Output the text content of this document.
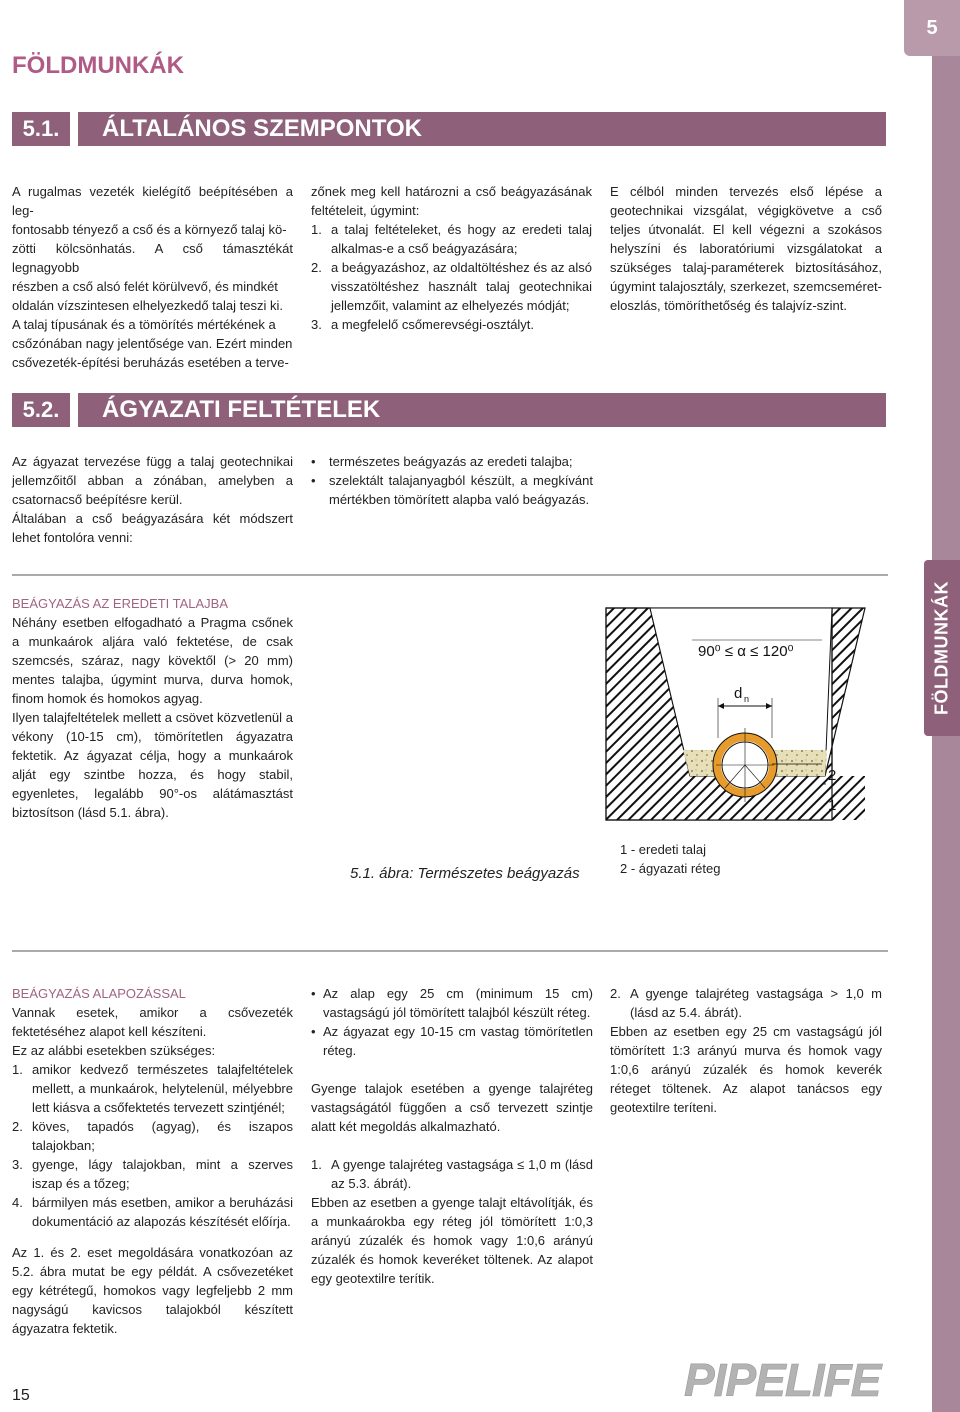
5
FÖLDMUNKÁK
FÖLDMUNKÁK
5.1.	ÁLTALÁNOS SZEMPONTOK
A rugalmas vezeték kielégítő beépítésében a leg-
fontosabb tényező a cső és a környező talaj kö-
zötti kölcsönhatás. A cső támasztékát legnagyobb
részben a cső alsó felét körülvevő, és mindkét
oldalán vízszintesen elhelyezkedő talaj teszi ki.
A talaj típusának és a tömörítés mértékének a
csőzónában nagy jelentősége van. Ezért minden
csővezeték-építési beruházás esetében a terve-

zőnek meg kell határozni a cső beágyazásának feltételeit, úgymint:

1. a talaj feltételeket, és hogy az eredeti talaj alkalmas-e a cső beágyazására;
2. a beágyazáshoz, az oldaltöltéshez és az alsó visszatöltéshez használt talaj geotechnikai jellemzőit, valamint az elhelyezés módját;
3. a megfelelő csőmerevségi-osztályt.

E célból minden tervezés első lépése a geotechnikai vizsgálat, végigkövetve a cső teljes útvonalát. El kell végezni a szokásos helyszíni és laboratóriumi vizsgálatokat a szükséges talaj-paraméterek biztosításához, úgymint talajosztály, szerkezet, szemcseméret-eloszlás, tömöríthetőség és talajvíz-szint.

5.2.	ÁGYAZATI FELTÉTELEK

Az ágyazat tervezése függ a talaj geotechnikai jellemzőitől abban a zónában, amelyben a csatornacső beépítésre kerül.

Általában a cső beágyazására két módszert lehet fontolóra venni:

•	természetes beágyazás az eredeti talajba;
•	szelektált talajanyagból készült, a megkívánt mértékben tömörített alapba való beágyazás.

BEÁGYAZÁS AZ EREDETI TALAJBA

Néhány esetben elfogadható a Pragma csőnek a munkaárok aljára való fektetése, de csak szemcsés, száraz, nagy kövektől (> 20 mm) mentes talajba, úgymint murva, durva homok, finom homok és homokos agyag.

Ilyen talajfeltételek mellett a csövet közvetlenül a vékony (10-15 cm), tömörítetlen ágyazatra fektetik. Az ágyazat célja, hogy a munkaárok alját egy szintbe hozza, és hogy stabil, egyenletes, legalább 90°-os alátámasztást biztosítson (lásd 5.1. ábra).

d n
90⁰ ≤ α ≤ 120⁰
2
1
5.1. ábra: Természetes beágyazás
1 - eredeti talaj
2 - ágyazati réteg

BEÁGYAZÁS ALAPOZÁSSAL

Vannak esetek, amikor a csővezeték fektetéséhez alapot kell készíteni.

Ez az alábbi esetekben szükséges:

1. amikor kedvező természetes talajfeltételek mellett, a munkaárok, helytelenül, mélyebbre lett kiásva a csőfektetés tervezett szintjénél;
2. köves, tapadós (agyag), és iszapos talajokban;
3. gyenge, lágy talajokban, mint a szerves iszap és a tőzeg;
4. bármilyen más esetben, amikor a beruházási dokumentáció az alapozás készítését előírja.

Az 1. és 2. eset megoldására vonatkozóan az 5.2. ábra mutat be egy példát. A csővezetéket egy kétrétegű, homokos vagy legfeljebb 2 mm nagyságú kavicsos talajokból készített ágyazatra fektetik.

• Az alap egy 25 cm (minimum 15 cm) vastagságú jól tömörített talajból készült réteg.
• Az ágyazat egy 10-15 cm vastag tömörítetlen réteg.

Gyenge talajok esetében a gyenge talajréteg vastagságától függően a cső tervezett szintje alatt két megoldás alkalmazható.

1. A gyenge talajréteg vastagsága ≤ 1,0 m (lásd az 5.3. ábrát).

Ebben az esetben a gyenge talajt eltávolítják, és a munkaárokba egy réteg jól tömörített 1:0,3 arányú zúzalék és homok vagy 1:0,6 arányú zúzalék és homok keveréket töltenek. Az alapot egy geotextilre terítik.

2. A gyenge talajréteg vastagsága > 1,0 m (lásd az 5.4. ábrát).

Ebben az esetben egy 25 cm vastagságú jól tömörített 1:3 arányú murva és homok vagy 1:0,6 arányú zúzalék és homok keverék réteget töltenek. Az alapot tanácsos egy geotextilre teríteni.

15	PIPELIFE
